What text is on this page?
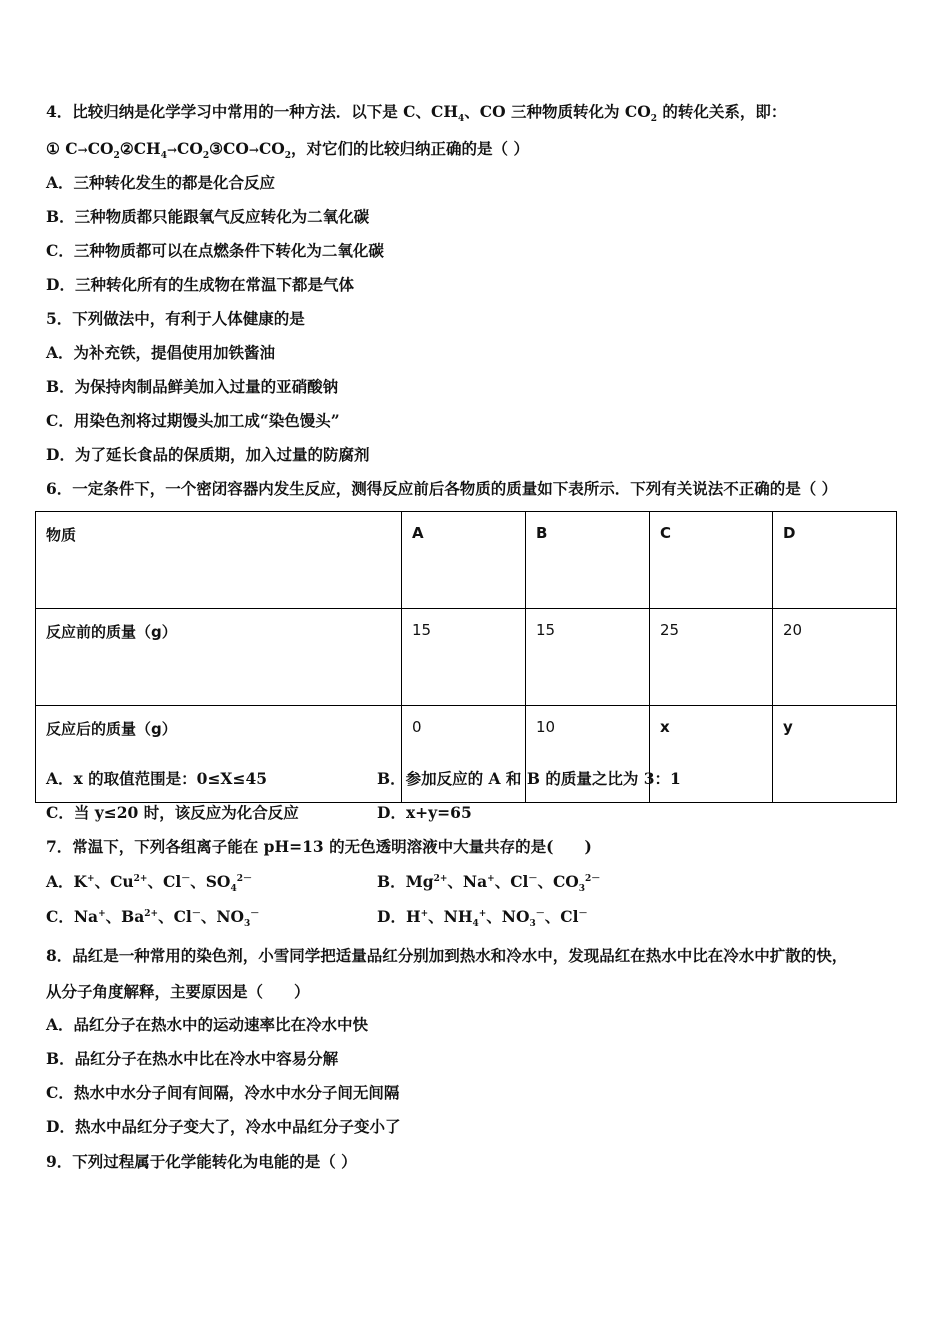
4．比较归纳是化学学习中常用的一种方法．以下是 C、$CH_4$、CO 三种物质转化为 $CO_2$ 的转化关系，即：
① $C\to CO_2②CH_4\to CO_2③CO\to CO_2$，对它们的比较归纳正确的是（ ）
A．三种转化发生的都是化合反应
B．三种物质都只能跟氧气反应转化为二氧化碳
C．三种物质都可以在点燃条件下转化为二氧化碳
D．三种转化所有的生成物在常温下都是气体
5．下列做法中，有利于人体健康的是
A．为补充铁，提倡使用加铁酱油
B．为保持肉制品鲜美加入过量的亚硝酸钠
C．用染色剂将过期馒头加工成“染色馒头”
D．为了延长食品的保质期，加入过量的防腐剂
6．一定条件下，一个密闭容器内发生反应，测得反应前后各物质的质量如下表所示．下列有关说法不正确的是（ ）
物质	A	B	C	D
反应前的质量（g）	15	15	25	20
反应后的质量（g）	0	10	x	y
A．x 的取值范围是：0≤X≤45	B．参加反应的 A 和 B 的质量之比为 3：1
C．当 y≤20 时，该反应为化合反应	D．x+y=65
7．常温下，下列各组离子能在 pH=13 的无色透明溶液中大量共存的是(　　)
A．K+、$Cu^{2+}$、Cl－、$SO_4^{2-}$	B．$Mg^{2+}$、Na+、Cl－、$CO_3^{2-}$
C．Na+、$Ba^{2+}$、Cl－、$NO_3^-$	D．H+、$NH_4^+$、$NO_3^-$、Cl－
8．品红是一种常用的染色剂，小雪同学把适量品红分别加到热水和冷水中，发现品红在热水中比在冷水中扩散的快，
从分子角度解释，主要原因是（　　）
A．品红分子在热水中的运动速率比在冷水中快
B．品红分子在热水中比在冷水中容易分解
C．热水中水分子间有间隔，冷水中水分子间无间隔
D．热水中品红分子变大了，冷水中品红分子变小了
9．下列过程属于化学能转化为电能的是（ ）
